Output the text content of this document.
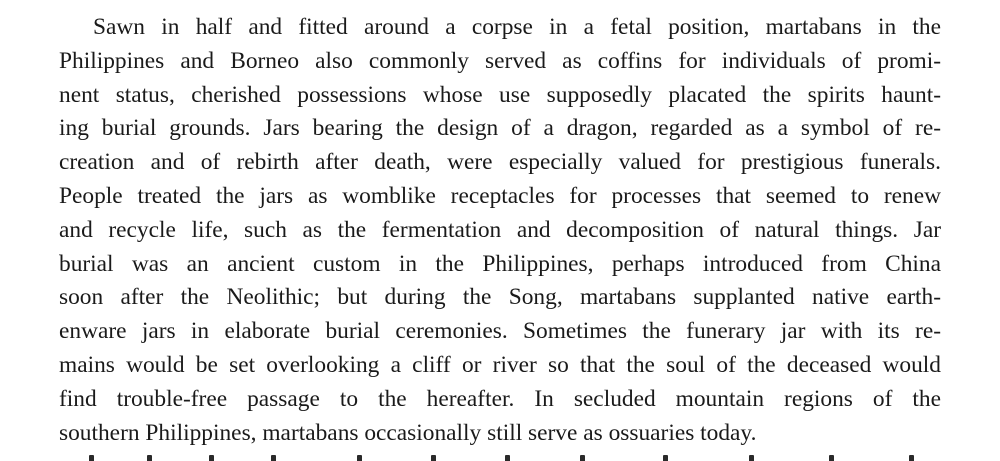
Sawn in half and fitted around a corpse in a fetal position, martabans in the
Philippines and Borneo also commonly served as coffins for individuals of promi-
nent status, cherished possessions whose use supposedly placated the spirits haunt-
ing burial grounds. Jars bearing the design of a dragon, regarded as a symbol of re-
creation and of rebirth after death, were especially valued for prestigious funerals.
People treated the jars as womblike receptacles for processes that seemed to renew
and recycle life, such as the fermentation and decomposition of natural things. Jar
burial was an ancient custom in the Philippines, perhaps introduced from China
soon after the Neolithic; but during the Song, martabans supplanted native earth-
enware jars in elaborate burial ceremonies. Sometimes the funerary jar with its re-
mains would be set overlooking a cliff or river so that the soul of the deceased would
find trouble-free passage to the hereafter. In secluded mountain regions of the
southern Philippines, martabans occasionally still serve as ossuaries today.
